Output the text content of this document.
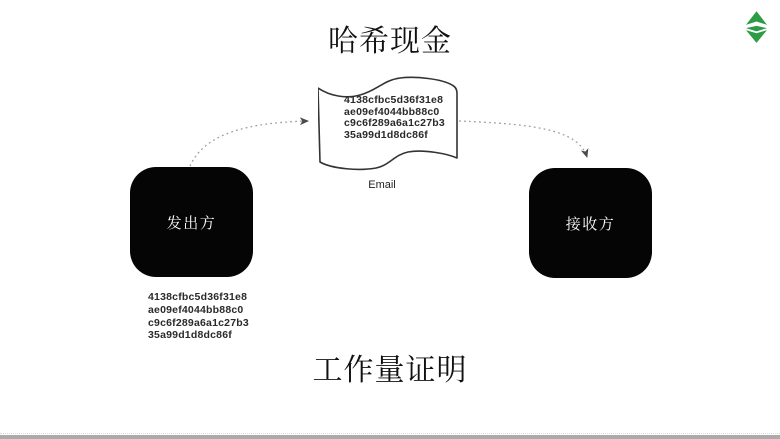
哈希现金
4138cfbc5d36f31e8
ae09ef4044bb88c0
c9c6f289a6a1c27b3
35a99d1d8dc86f
Email
发出方	接收方
4138cfbc5d36f31e8
ae09ef4044bb88c0
c9c6f289a6a1c27b3
35a99d1d8dc86f
工作量证明
